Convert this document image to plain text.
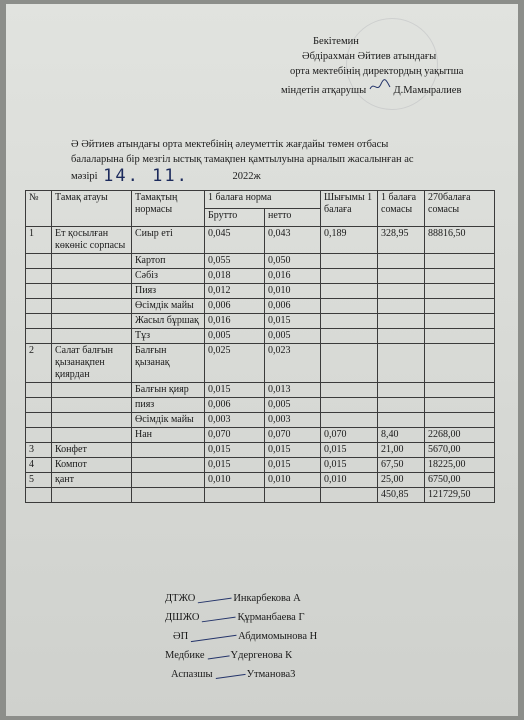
Бекітемин
Әбдірахман Әйтиев атындағы
орта мектебінің директордың уақытша
міндетін атқарушы	Д.Мамыралиев
Ә Әйтиев атындағы орта мектебінің әлеуметтік жағдайы төмен отбасы
балаларына бір мезгіл ыстық тамақпен қамтылуына арналып жасалынған ас
мәзірі 14. 11.	2022ж
№	Тамақ атауы	Тамақтың нормасы	1 балаға норма		Шығымы 1 балаға	1 балаға сомасы	270балаға сомасы
			Брутто	нетто			
1	Ет қосылған көкөніс сорпасы	Сиыр еті	0,045	0,043	0,189	328,95	88816,50
		Картоп	0,055	0,050			
		Сәбіз	0,018	0,016			
		Пияз	0,012	0,010			
		Өсімдік майы	0,006	0,006			
		Жасыл бұршақ	0,016	0,015			
		Тұз	0,005	0,005			
2	Салат балғын қызанақпен қиярдан	Балғын қызанақ	0,025	0,023			
		Балғын қияр	0,015	0,013			
		пияз	0,006	0,005			
		Өсімдік майы	0,003	0,003			
		Нан	0,070	0,070	0,070	8,40	2268,00
3	Конфет		0,015	0,015	0,015	21,00	5670,00
4	Компот		0,015	0,015	0,015	67,50	18225,00
5	қант		0,010	0,010	0,010	25,00	6750,00
						450,85	121729,50
ДТЖО	Инкарбекова А
ДШЖО	Құрманбаева Г
ӘП	Абдимомынова Н
Медбике Үдергенова К
Аспазшы	Утманова3
